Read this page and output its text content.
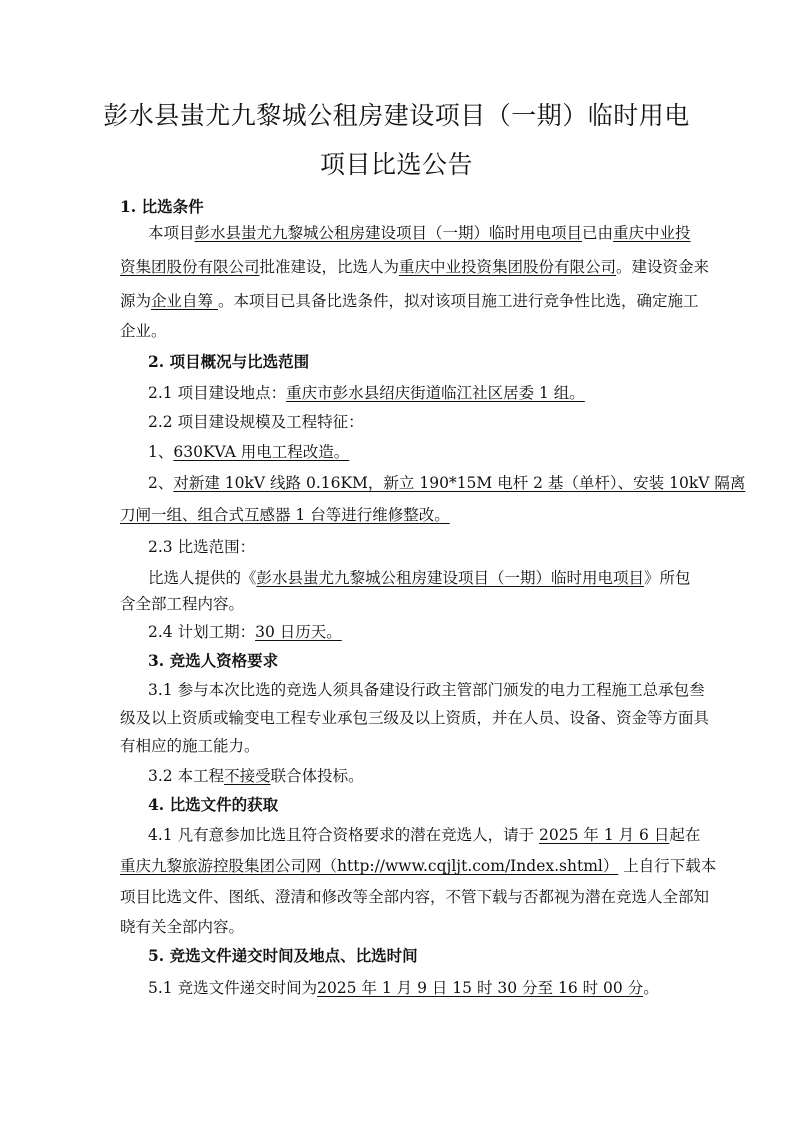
彭水县蚩尤九黎城公租房建设项目（一期）临时用电
项目比选公告
1. 比选条件
本项目彭水县蚩尤九黎城公租房建设项目（一期）临时用电项目已由重庆中业投
资集团股份有限公司批准建设，比选人为重庆中业投资集团股份有限公司。建设资金来
源为企业自筹 。本项目已具备比选条件，拟对该项目施工进行竞争性比选，确定施工
企业。
2. 项目概况与比选范围
2.1 项目建设地点：重庆市彭水县绍庆街道临江社区居委 1 组。
2.2 项目建设规模及工程特征：
1、630KVA 用电工程改造。
2、对新建 10kV 线路 0.16KM，新立 190*15M 电杆 2 基（单杆）、安装 10kV 隔离
刀闸一组、组合式互感器 1 台等进行维修整改。
2.3 比选范围：
比选人提供的《彭水县蚩尤九黎城公租房建设项目（一期）临时用电项目》所包
含全部工程内容。
2.4 计划工期：30 日历天。
3. 竞选人资格要求
3.1 参与本次比选的竞选人须具备建设行政主管部门颁发的电力工程施工总承包叁
级及以上资质或输变电工程专业承包三级及以上资质，并在人员、设备、资金等方面具
有相应的施工能力。
3.2 本工程不接受联合体投标。
4. 比选文件的获取
4.1 凡有意参加比选且符合资格要求的潜在竞选人，请于 2025 年 1 月 6 日起在
重庆九黎旅游控股集团公司网（http://www.cqjljt.com/Index.shtml） 上自行下载本
项目比选文件、图纸、澄清和修改等全部内容，不管下载与否都视为潜在竞选人全部知
晓有关全部内容。
5. 竞选文件递交时间及地点、比选时间
5.1 竞选文件递交时间为2025 年 1 月 9 日 15 时 30 分至 16 时 00 分。
